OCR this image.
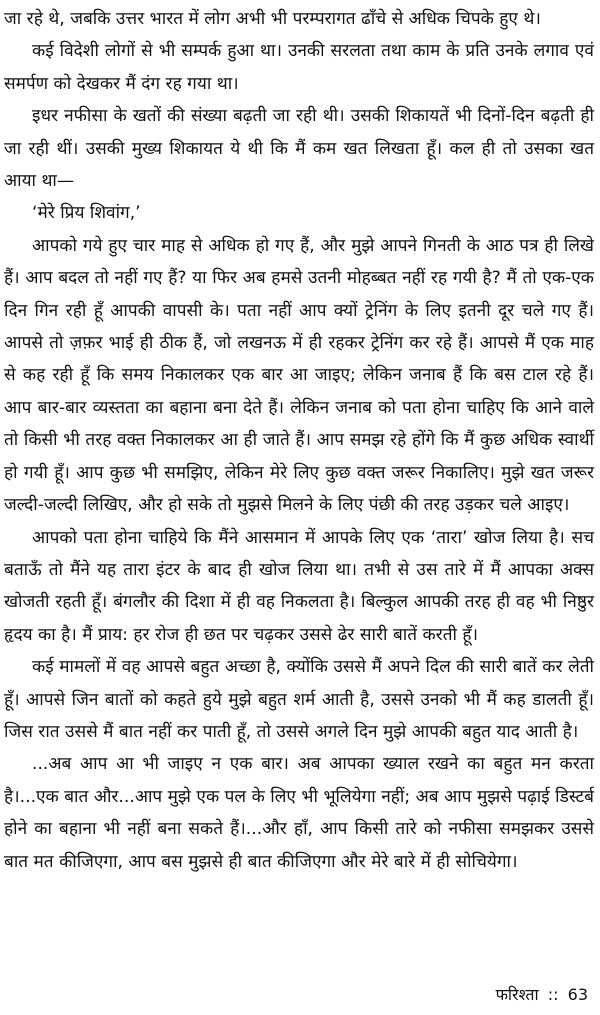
जा रहे थे, जबकि उत्तर भारत में लोग अभी भी परम्परागत ढाँचे से अधिक चिपके हुए थे।

कई विदेशी लोगों से भी सम्पर्क हुआ था। उनकी सरलता तथा काम के प्रति उनके लगाव एवं समर्पण को देखकर मैं दंग रह गया था।

इधर नफीसा के खतों की संख्या बढ़ती जा रही थी। उसकी शिकायतें भी दिनों-दिन बढ़ती ही जा रही थीं। उसकी मुख्य शिकायत ये थी कि मैं कम खत लिखता हूँ। कल ही तो उसका खत आया था—

‘मेरे प्रिय शिवांग,’

आपको गये हुए चार माह से अधिक हो गए हैं, और मुझे आपने गिनती के आठ पत्र ही लिखे हैं। आप बदल तो नहीं गए हैं? या फिर अब हमसे उतनी मोहब्बत नहीं रह गयी है? मैं तो एक-एक दिन गिन रही हूँ आपकी वापसी के। पता नहीं आप क्यों ट्रेनिंग के लिए इतनी दूर चले गए हैं। आपसे तो ज़फ़र भाई ही ठीक हैं, जो लखनऊ में ही रहकर ट्रेनिंग कर रहे हैं। आपसे मैं एक माह से कह रही हूँ कि समय निकालकर एक बार आ जाइए; लेकिन जनाब हैं कि बस टाल रहे हैं। आप बार-बार व्यस्तता का बहाना बना देते हैं। लेकिन जनाब को पता होना चाहिए कि आने वाले तो किसी भी तरह वक्त निकालकर आ ही जाते हैं। आप समझ रहे होंगे कि मैं कुछ अधिक स्वार्थी हो गयी हूँ। आप कुछ भी समझिए, लेकिन मेरे लिए कुछ वक्त जरूर निकालिए। मुझे खत जरूर जल्दी-जल्दी लिखिए, और हो सके तो मुझसे मिलने के लिए पंछी की तरह उड़कर चले आइए।

आपको पता होना चाहिये कि मैंने आसमान में आपके लिए एक ‘तारा’ खोज लिया है। सच बताऊँ तो मैंने यह तारा इंटर के बाद ही खोज लिया था। तभी से उस तारे में मैं आपका अक्स खोजती रहती हूँ। बंगलौर की दिशा में ही वह निकलता है। बिल्कुल आपकी तरह ही वह भी निष्ठुर हृदय का है। मैं प्राय: हर रोज ही छत पर चढ़कर उससे ढेर सारी बातें करती हूँ।

कई मामलों में वह आपसे बहुत अच्छा है, क्योंकि उससे मैं अपने दिल की सारी बातें कर लेती हूँ। आपसे जिन बातों को कहते हुये मुझे बहुत शर्म आती है, उससे उनको भी मैं कह डालती हूँ। जिस रात उससे मैं बात नहीं कर पाती हूँ, तो उससे अगले दिन मुझे आपकी बहुत याद आती है।

...अब आप आ भी जाइए न एक बार। अब आपका ख्याल रखने का बहुत मन करता है।...एक बात और...आप मुझे एक पल के लिए भी भूलियेगा नहीं; अब आप मुझसे पढ़ाई डिस्टर्ब होने का बहाना भी नहीं बना सकते हैं।...और हाँ, आप किसी तारे को नफीसा समझकर उससे बात मत कीजिएगा, आप बस मुझसे ही बात कीजिएगा और मेरे बारे में ही सोचियेगा।

फरिश्ता :: 63
